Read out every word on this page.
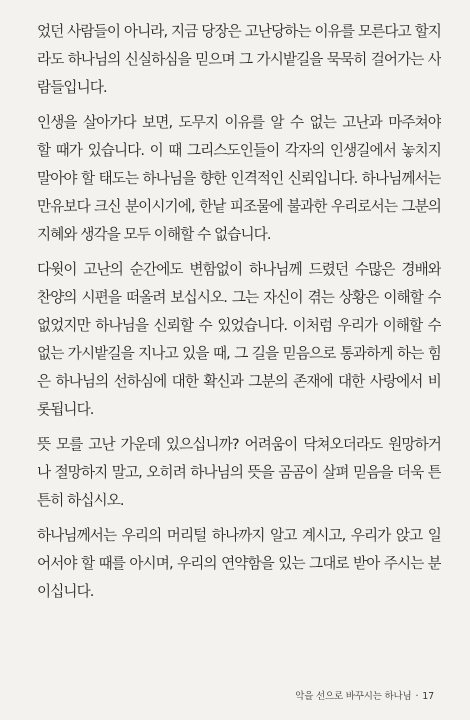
었던 사람들이 아니라, 지금 당장은 고난당하는 이유를 모른다고 할지
라도 하나님의 신실하심을 믿으며 그 가시밭길을 묵묵히 걸어가는 사
람들입니다.

인생을 살아가다 보면, 도무지 이유를 알 수 없는 고난과 마주쳐야
할 때가 있습니다. 이 때 그리스도인들이 각자의 인생길에서 놓치지
말아야 할 태도는 하나님을 향한 인격적인 신뢰입니다. 하나님께서는
만유보다 크신 분이시기에, 한낱 피조물에 불과한 우리로서는 그분의
지혜와 생각을 모두 이해할 수 없습니다.

다윗이 고난의 순간에도 변함없이 하나님께 드렸던 수많은 경배와
찬양의 시편을 떠올려 보십시오. 그는 자신이 겪는 상황은 이해할 수
없었지만 하나님을 신뢰할 수 있었습니다. 이처럼 우리가 이해할 수
없는 가시밭길을 지나고 있을 때, 그 길을 믿음으로 통과하게 하는 힘
은 하나님의 선하심에 대한 확신과 그분의 존재에 대한 사랑에서 비
롯됩니다.

뜻 모를 고난 가운데 있으십니까? 어려움이 닥쳐오더라도 원망하거
나 절망하지 말고, 오히려 하나님의 뜻을 곰곰이 살펴 믿음을 더욱 튼
튼히 하십시오.

하나님께서는 우리의 머리털 하나까지 알고 계시고, 우리가 앉고 일
어서야 할 때를 아시며, 우리의 연약함을 있는 그대로 받아 주시는 분
이십니다.

악을 선으로 바꾸시는 하나님 · 17
